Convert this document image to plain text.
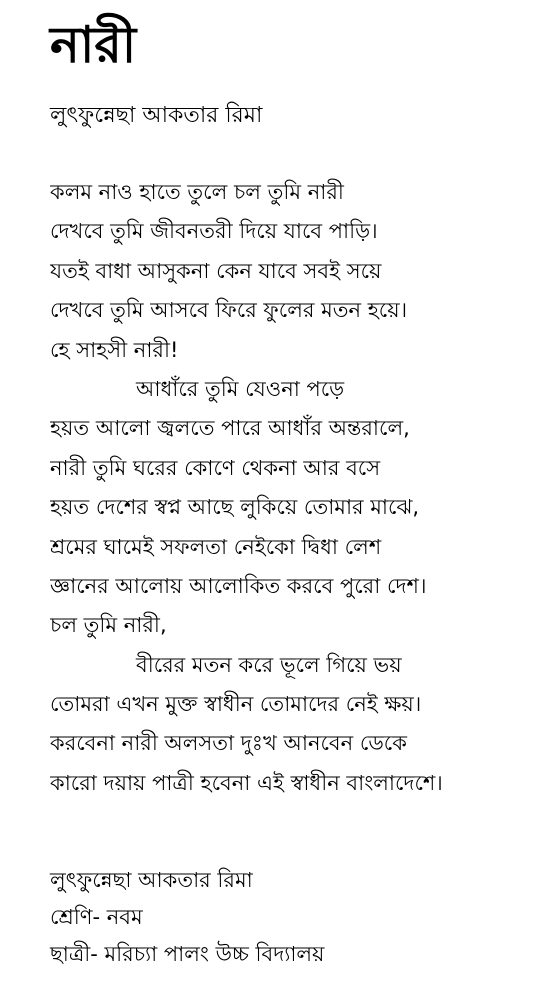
নারী
লুৎফুন্নেছা আকতার রিমা
কলম নাও হাতে তুলে চল তুমি নারী
দেখবে তুমি জীবনতরী দিয়ে যাবে পাড়ি।
যতই বাধা আসুকনা কেন যাবে সবই সয়ে
দেখবে তুমি আসবে ফিরে ফুলের মতন হয়ে।
হে সাহসী নারী!
আধাঁরে তুমি যেওনা পড়ে
হয়ত আলো জ্বলতে পারে আধাঁর অন্তরালে,
নারী তুমি ঘরের কোণে থেকনা আর বসে
হয়ত দেশের স্বপ্ন আছে লুকিয়ে তোমার মাঝে,
শ্রমের ঘামেই সফলতা নেইকো দ্বিধা লেশ
জ্ঞানের আলোয় আলোকিত করবে পুরো দেশ।
চল তুমি নারী,
বীরের মতন করে ভূলে গিয়ে ভয়
তোমরা এখন মুক্ত স্বাধীন তোমাদের নেই ক্ষয়।
করবেনা নারী অলসতা দুঃখ আনবেন ডেকে
কারো দয়ায় পাত্রী হবেনা এই স্বাধীন বাংলাদেশে।
লুৎফুন্নেছা আকতার রিমা
শ্রেণি- নবম
ছাত্রী- মরিচ্যা পালং উচ্চ বিদ্যালয়
